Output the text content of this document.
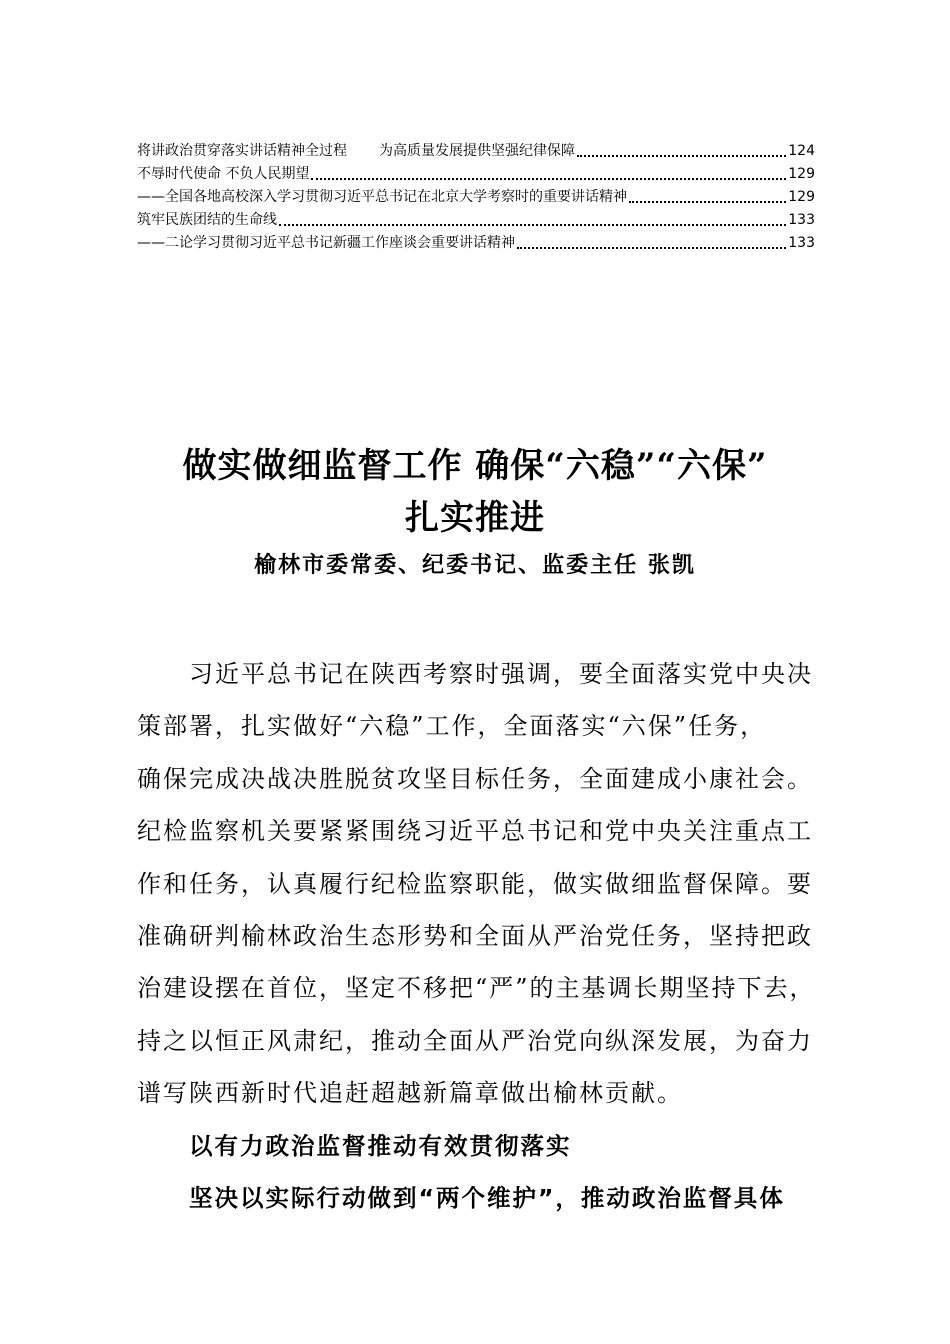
将讲政治贯穿落实讲话精神全过程 为高质量发展提供坚强纪律保障	124
不辱时代使命 不负人民期望	129
——全国各地高校深入学习贯彻习近平总书记在北京大学考察时的重要讲话精神	129
筑牢民族团结的生命线	133
——二论学习贯彻习近平总书记新疆工作座谈会重要讲话精神	133
做实做细监督工作 确保“六稳”“六保”
扎实推进
榆林市委常委、纪委书记、监委主任 张凯
习近平总书记在陕西考察时强调，要全面落实党中央决
策部署，扎实做好“六稳”工作，全面落实“六保”任务，
确保完成决战决胜脱贫攻坚目标任务，全面建成小康社会。
纪检监察机关要紧紧围绕习近平总书记和党中央关注重点工
作和任务，认真履行纪检监察职能，做实做细监督保障。要
准确研判榆林政治生态形势和全面从严治党任务，坚持把政
治建设摆在首位，坚定不移把“严”的主基调长期坚持下去，
持之以恒正风肃纪，推动全面从严治党向纵深发展，为奋力
谱写陕西新时代追赶超越新篇章做出榆林贡献。
以有力政治监督推动有效贯彻落实
坚决以实际行动做到“两个维护”，推动政治监督具体
